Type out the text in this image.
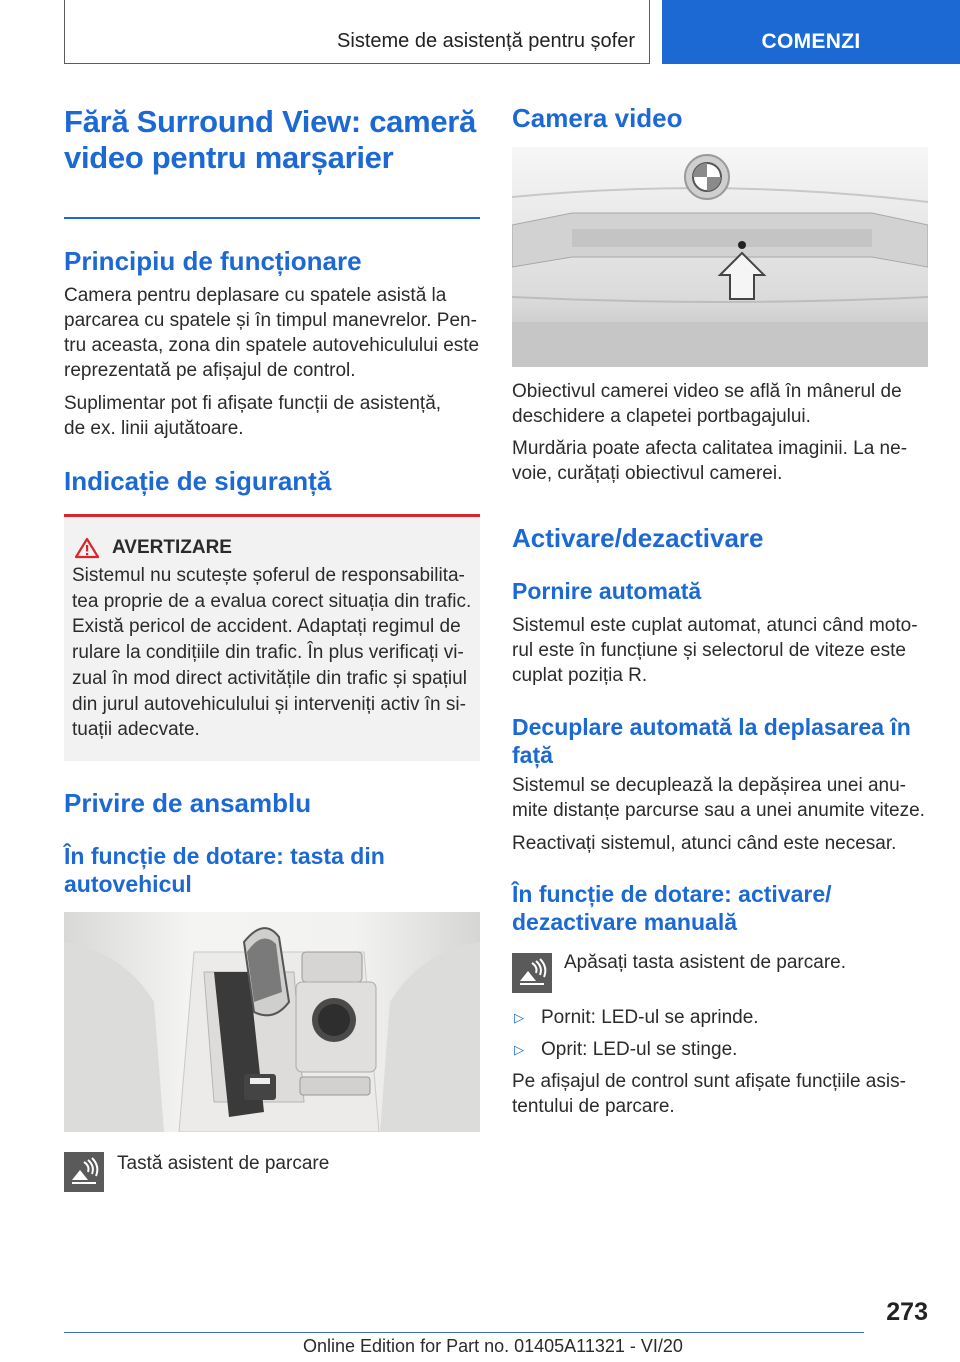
Sisteme de asistență pentru șofer	COMENZI
Fără Surround View: cameră video pentru marșarier
Principiu de funcționare
Camera pentru deplasare cu spatele asistă la parcarea cu spatele și în timpul manevrelor. Pentru aceasta, zona din spatele autovehiculului este reprezentată pe afișajul de control.
Suplimentar pot fi afișate funcții de asistență, de ex. linii ajutătoare.
Indicație de siguranță
AVERTIZARE
Sistemul nu scutește șoferul de responsabilitatea proprie de a evalua corect situația din trafic. Există pericol de accident. Adaptați regimul de rulare la condițiile din trafic. În plus verificați vizual în mod direct activitățile din trafic și spațiul din jurul autovehiculului și interveniți activ în situații adecvate.
Privire de ansamblu
În funcție de dotare: tasta din autovehicul
Tastă asistent de parcare
Camera video
Obiectivul camerei video se află în mânerul de deschidere a clapetei portbagajului.
Murdăria poate afecta calitatea imaginii. La nevoie, curățați obiectivul camerei.
Activare/dezactivare
Pornire automată
Sistemul este cuplat automat, atunci când motorul este în funcțiune și selectorul de viteze este cuplat poziția R.
Decuplare automată la deplasarea în față
Sistemul se decuplează la depășirea unei anumite distanțe parcurse sau a unei anumite viteze.
Reactivați sistemul, atunci când este necesar.
În funcție de dotare: activare/ dezactivare manuală
Apăsați tasta asistent de parcare.
▷ Pornit: LED-ul se aprinde.
▷ Oprit: LED-ul se stinge.
Pe afișajul de control sunt afișate funcțiile asistentului de parcare.
273
Online Edition for Part no. 01405A11321 - VI/20
